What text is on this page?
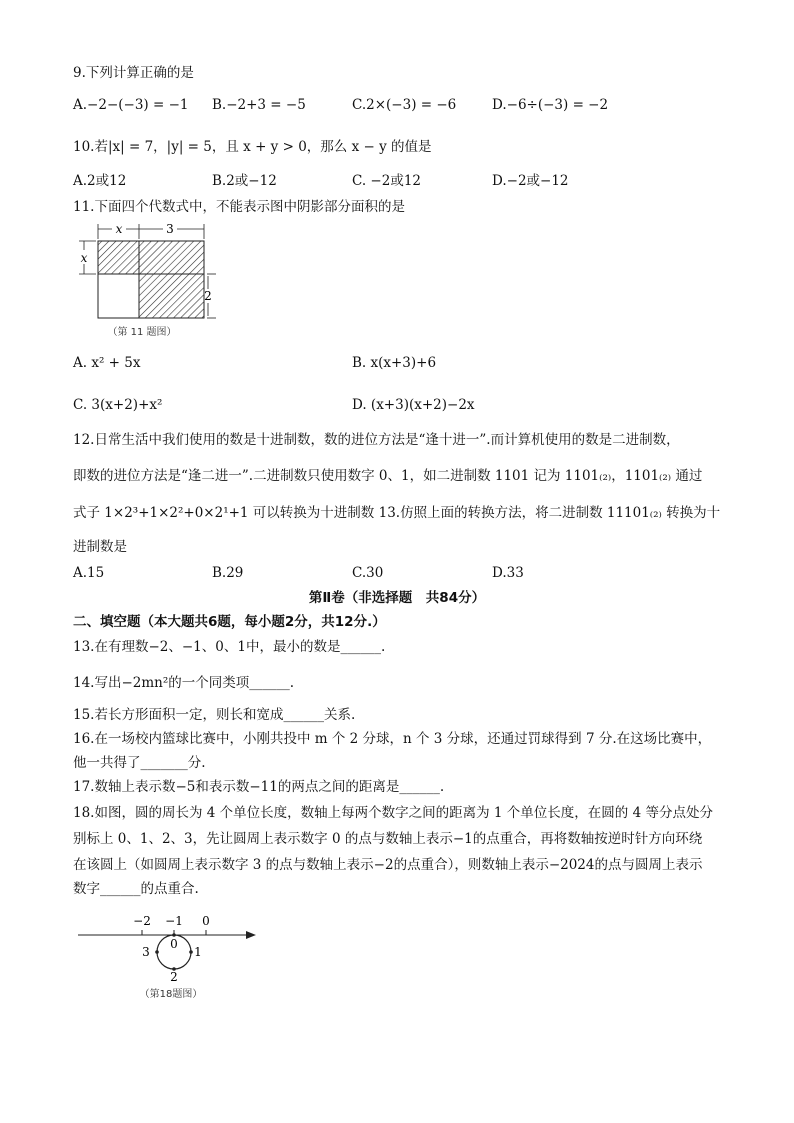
9.下列计算正确的是
A.−2−(−3) = −1 B.−2+3 = −5	C.2×(−3) = −6	D.−6÷(−3) = −2
10.若|x| = 7，|y| = 5，且 x + y > 0，那么 x − y 的值是
A.2或12	B.2或−12	C. −2或12	D.−2或−12
11.下面四个代数式中，不能表示图中阴影部分面积的是
x	3
x
2
（第 11 题图）
A. x² + 5x	B. x(x+3)+6
C. 3(x+2)+x²	D. (x+3)(x+2)−2x
12.日常生活中我们使用的数是十进制数，数的进位方法是“逢十进一”.而计算机使用的数是二进制数，
即数的进位方法是“逢二进一”.二进制数只使用数字 0、1，如二进制数 1101 记为 1101₍₂₎，1101₍₂₎ 通过
式子 1×2³+1×2²+0×2¹+1 可以转换为十进制数 13.仿照上面的转换方法，将二进制数 11101₍₂₎ 转换为十
进制数是
A.15	B.29	C.30	D.33
第Ⅱ卷（非选择题　共84分）
二、填空题（本大题共6题，每小题2分，共12分.）
13.在有理数−2、−1、0、1中，最小的数是______.
14.写出−2mn²的一个同类项______.
15.若长方形面积一定，则长和宽成______关系.
16.在一场校内篮球比赛中，小刚共投中 m 个 2 分球，n 个 3 分球，还通过罚球得到 7 分.在这场比赛中，
他一共得了_______分.
17.数轴上表示数−5和表示数−11的两点之间的距离是______.
18.如图，圆的周长为 4 个单位长度，数轴上每两个数字之间的距离为 1 个单位长度，在圆的 4 等分点处分
别标上 0、1、2、3，先让圆周上表示数字 0 的点与数轴上表示−1的点重合，再将数轴按逆时针方向环绕
在该圆上（如圆周上表示数字 3 的点与数轴上表示−2的点重合），则数轴上表示−2024的点与圆周上表示
数字______的点重合.
−2 −1 0
0
1
2
3
（第18题图）
